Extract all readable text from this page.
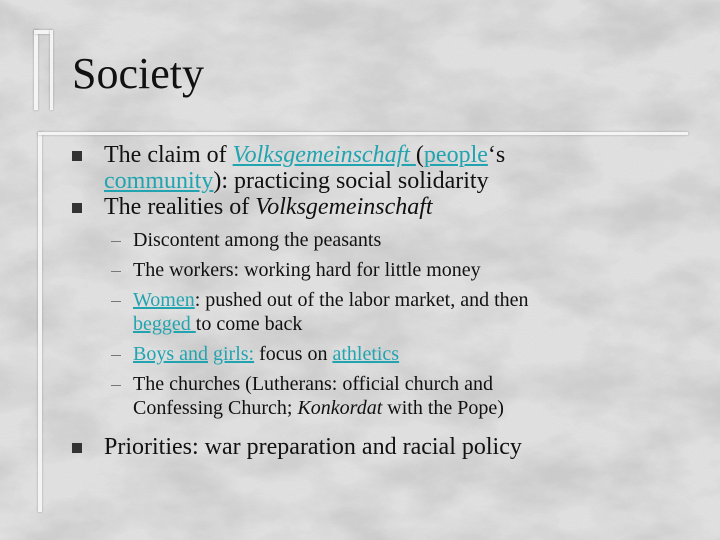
Society
The claim of Volksgemeinschaft (people‘s
community): practicing social solidarity
The realities of Volksgemeinschaft
Discontent among the peasants
The workers: working hard for little money
Women: pushed out of the labor market, and then
begged to come back
Boys and girls: focus on athletics
The churches (Lutherans: official church and
Confessing Church; Konkordat with the Pope)
Priorities: war preparation and racial policy
